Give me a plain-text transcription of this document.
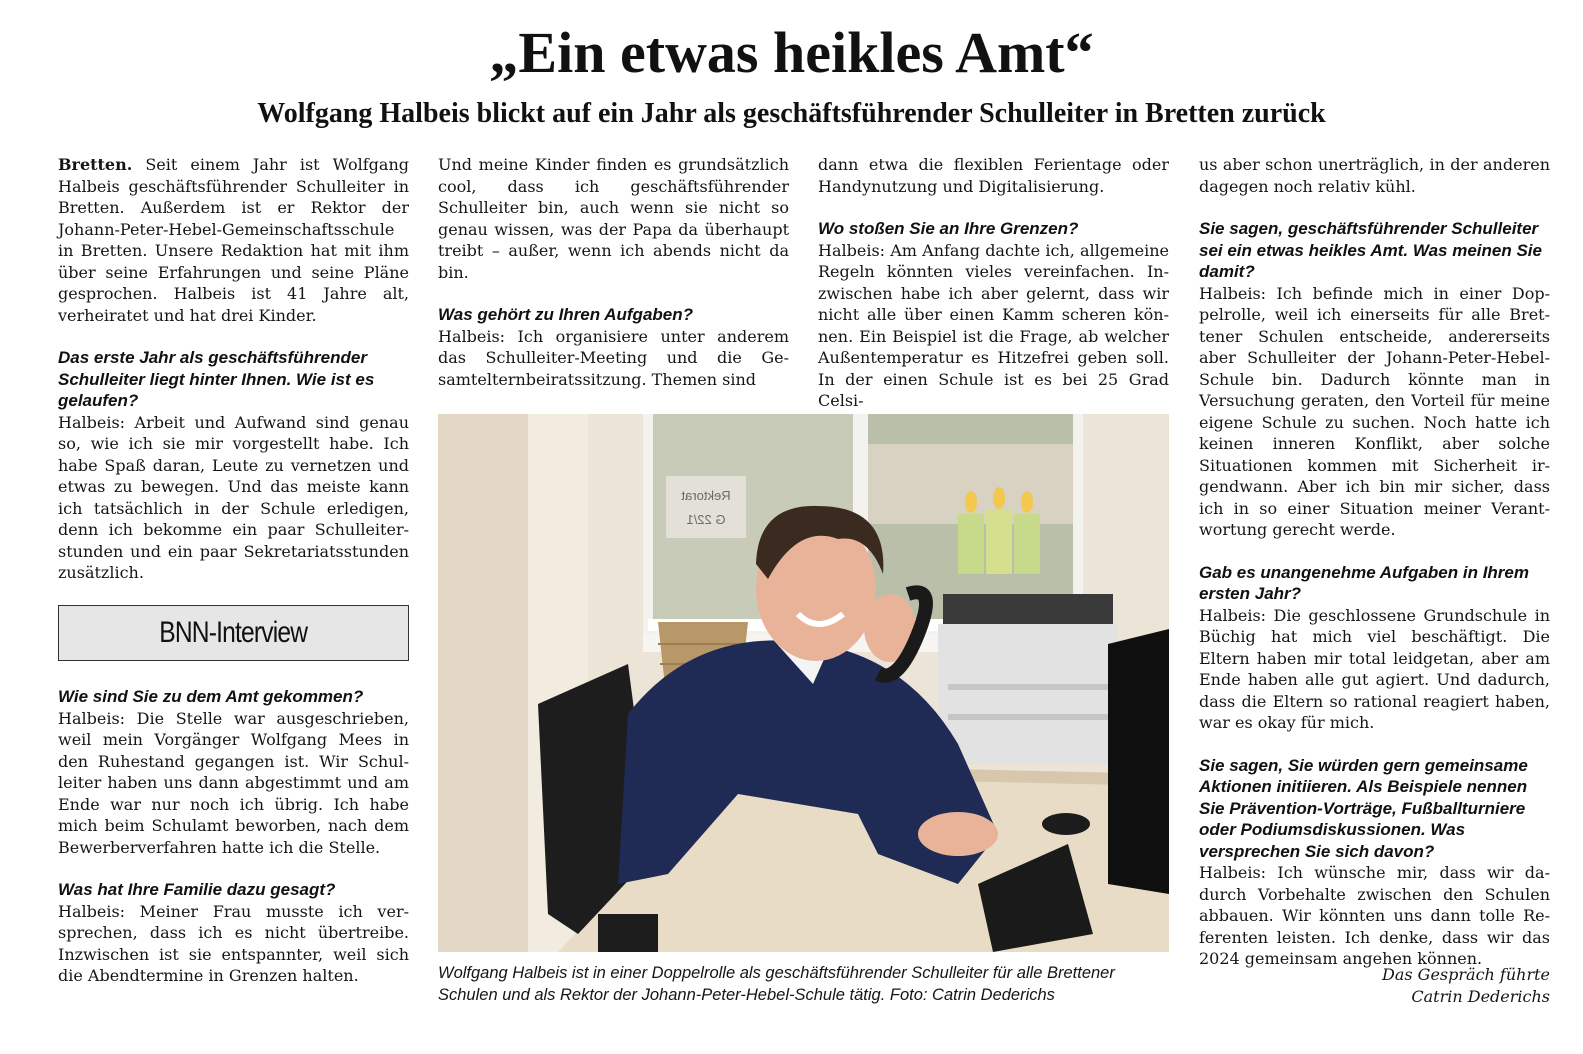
„Ein etwas heikles Amt“
Wolfgang Halbeis blickt auf ein Jahr als geschäftsführender Schulleiter in Bretten zurück

Bretten. Seit einem Jahr ist Wolfgang Halbeis geschäftsführender Schulleiter in Bretten. Außerdem ist er Rektor der Johann-Peter-Hebel-Gemeinschaftsschule in Bretten. Unsere Redaktion hat mit ihm über seine Erfahrungen und seine Pläne gesprochen. Halbeis ist 41 Jahre alt, verheiratet und hat drei Kinder.

Das erste Jahr als geschäftsführender Schulleiter liegt hinter Ihnen. Wie ist es gelaufen?

Halbeis: Arbeit und Aufwand sind genau so, wie ich sie mir vorgestellt habe. Ich habe Spaß daran, Leute zu vernetzen und etwas zu bewegen. Und das meiste kann ich tatsächlich in der Schule erledigen, denn ich bekomme ein paar Schulleiterstunden und ein paar Sekretariatsstunden zusätzlich.

BNN-Interview

Wie sind Sie zu dem Amt gekommen?

Halbeis: Die Stelle war ausgeschrieben, weil mein Vorgänger Wolfgang Mees in den Ruhestand gegangen ist. Wir Schulleiter haben uns dann abgestimmt und am Ende war nur noch ich übrig. Ich habe mich beim Schulamt beworben, nach dem Bewerberverfahren hatte ich die Stelle.

Was hat Ihre Familie dazu gesagt?

Halbeis: Meiner Frau musste ich versprechen, dass ich es nicht übertreibe. Inzwischen ist sie entspannter, weil sich die Abendtermine in Grenzen halten.

Und meine Kinder finden es grundsätzlich cool, dass ich geschäftsführender Schulleiter bin, auch wenn sie nicht so genau wissen, was der Papa da überhaupt treibt – außer, wenn ich abends nicht da bin.

Was gehört zu Ihren Aufgaben?

Halbeis: Ich organisiere unter anderem das Schulleiter-Meeting und die Gesamtelternbeiratssitzung. Themen sind

dann etwa die flexiblen Ferientage oder Handynutzung und Digitalisierung.

Wo stoßen Sie an Ihre Grenzen?

Halbeis: Am Anfang dachte ich, allgemeine Regeln könnten vieles vereinfachen. Inzwischen habe ich aber gelernt, dass wir nicht alle über einen Kamm scheren können. Ein Beispiel ist die Frage, ab welcher Außentemperatur es Hitzefrei geben soll. In der einen Schule ist es bei 25 Grad Celsi-

us aber schon unerträglich, in der anderen dagegen noch relativ kühl.

Sie sagen, geschäftsführender Schulleiter sei ein etwas heikles Amt. Was meinen Sie damit?

Halbeis: Ich befinde mich in einer Doppelrolle, weil ich einerseits für alle Brettener Schulen entscheide, andererseits aber Schulleiter der Johann-Peter-Hebel-Schule bin. Dadurch könnte man in Versuchung geraten, den Vorteil für meine eigene Schule zu suchen. Noch hatte ich keinen inneren Konflikt, aber solche Situationen kommen mit Sicherheit irgendwann. Aber ich bin mir sicher, dass ich in so einer Situation meiner Verantwortung gerecht werde.

Gab es unangenehme Aufgaben in Ihrem ersten Jahr?

Halbeis: Die geschlossene Grundschule in Büchig hat mich viel beschäftigt. Die Eltern haben mir total leidgetan, aber am Ende haben alle gut agiert. Und dadurch, dass die Eltern so rational reagiert haben, war es okay für mich.

Sie sagen, Sie würden gern gemeinsame Aktionen initiieren. Als Beispiele nennen Sie Prävention-Vorträge, Fußballturniere oder Podiumsdiskussionen. Was versprechen Sie sich davon?

Halbeis: Ich wünsche mir, dass wir dadurch Vorbehalte zwischen den Schulen abbauen. Wir könnten uns dann tolle Referenten leisten. Ich denke, dass wir das 2024 gemeinsam angehen können.

Das Gespräch führte
Catrin Dederichs
Rektorat
G 22/1
Wolfgang Halbeis ist in einer Doppelrolle als geschäftsführender Schulleiter für alle Brettener Schulen und als Rektor der Johann-Peter-Hebel-Schule tätig. Foto: Catrin Dederichs
